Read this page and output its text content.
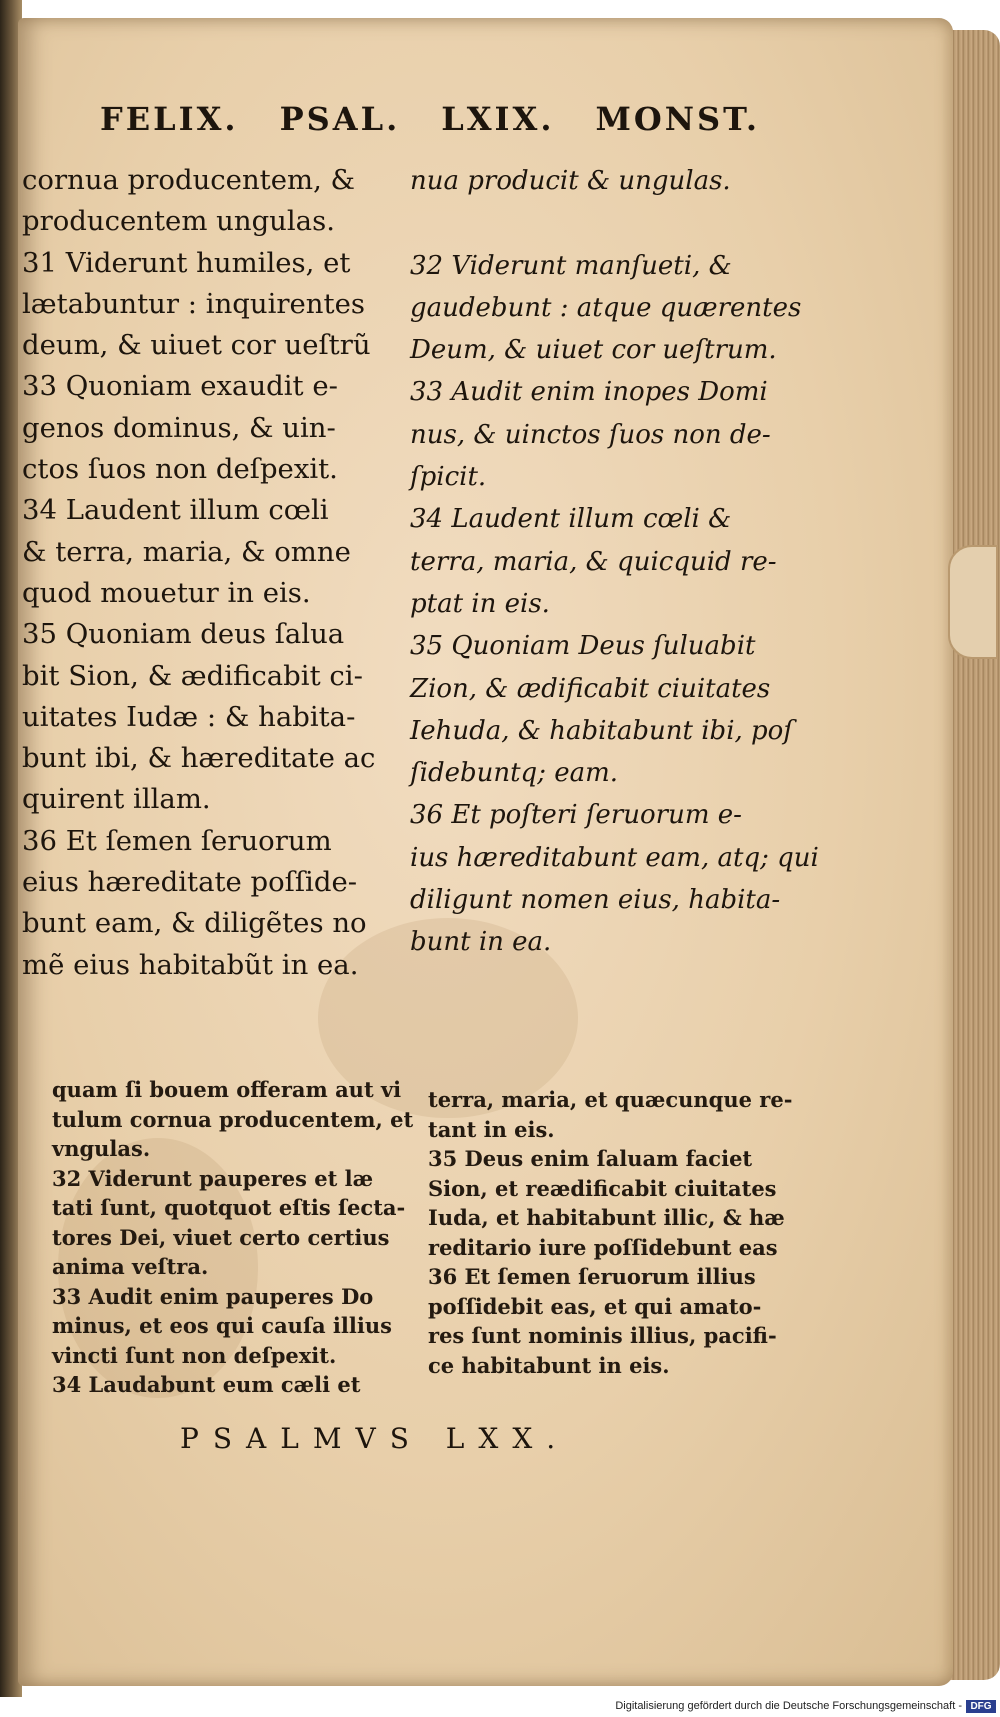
FELIX. PSAL. LXIX. MONST.
cornua producentem, &
producentem ungulas.
31 Viderunt humiles, et
lætabuntur : inquirentes
deum, & uiuet cor ueſtrũ
33 Quoniam exaudit e-
genos dominus, & uin-
ctos ſuos non deſpexit.
34 Laudent illum cœli
& terra, maria, & omne
quod mouetur in eis.
35 Quoniam deus ſalua
bit Sion, & ædificabit ci-
uitates Iudæ : & habita-
bunt ibi, & hæreditate ac
quirent illam.
36 Et ſemen ſeruorum
eius hæreditate poſſide-
bunt eam, & diligẽtes no
mẽ eius habitabũt in ea.
nua producit & ungulas.

32 Viderunt manſueti, &
gaudebunt : atque quærentes
Deum, & uiuet cor ueſtrum.
33 Audit enim inopes Domi
nus, & uinctos ſuos non de-
ſpicit.
34 Laudent illum cœli &
terra, maria, & quicquid re-
ptat in eis.
35 Quoniam Deus ſuluabit
Zion, & ædificabit ciuitates
Iehuda, & habitabunt ibi, poſ
ſidebuntq; eam.
36 Et poſteri ſeruorum e-
ius hæreditabunt eam, atq; qui
diligunt nomen eius, habita-
bunt in ea.
quam ſi bouem offeram aut vi
tulum cornua producentem, et
vngulas.
32 Viderunt pauperes et læ
tati ſunt, quotquot eſtis ſecta-
tores Dei, viuet certo certius
anima veſtra.
33 Audit enim pauperes Do
minus, et eos qui cauſa illius
vincti ſunt non deſpexit.
34 Laudabunt eum cæli et
terra, maria, et quæcunque re-
tant in eis.
35 Deus enim ſaluam faciet
Sion, et reædificabit ciuitates
Iuda, et habitabunt illic, & hæ
reditario iure poſſidebunt eas
36 Et ſemen ſeruorum illius
poſſidebit eas, et qui amato-
res ſunt nominis illius, pacifi-
ce habitabunt in eis.
PSALMVS LXX.
Digitalisierung gefördert durch die Deutsche Forschungsgemeinschaft - DFG
